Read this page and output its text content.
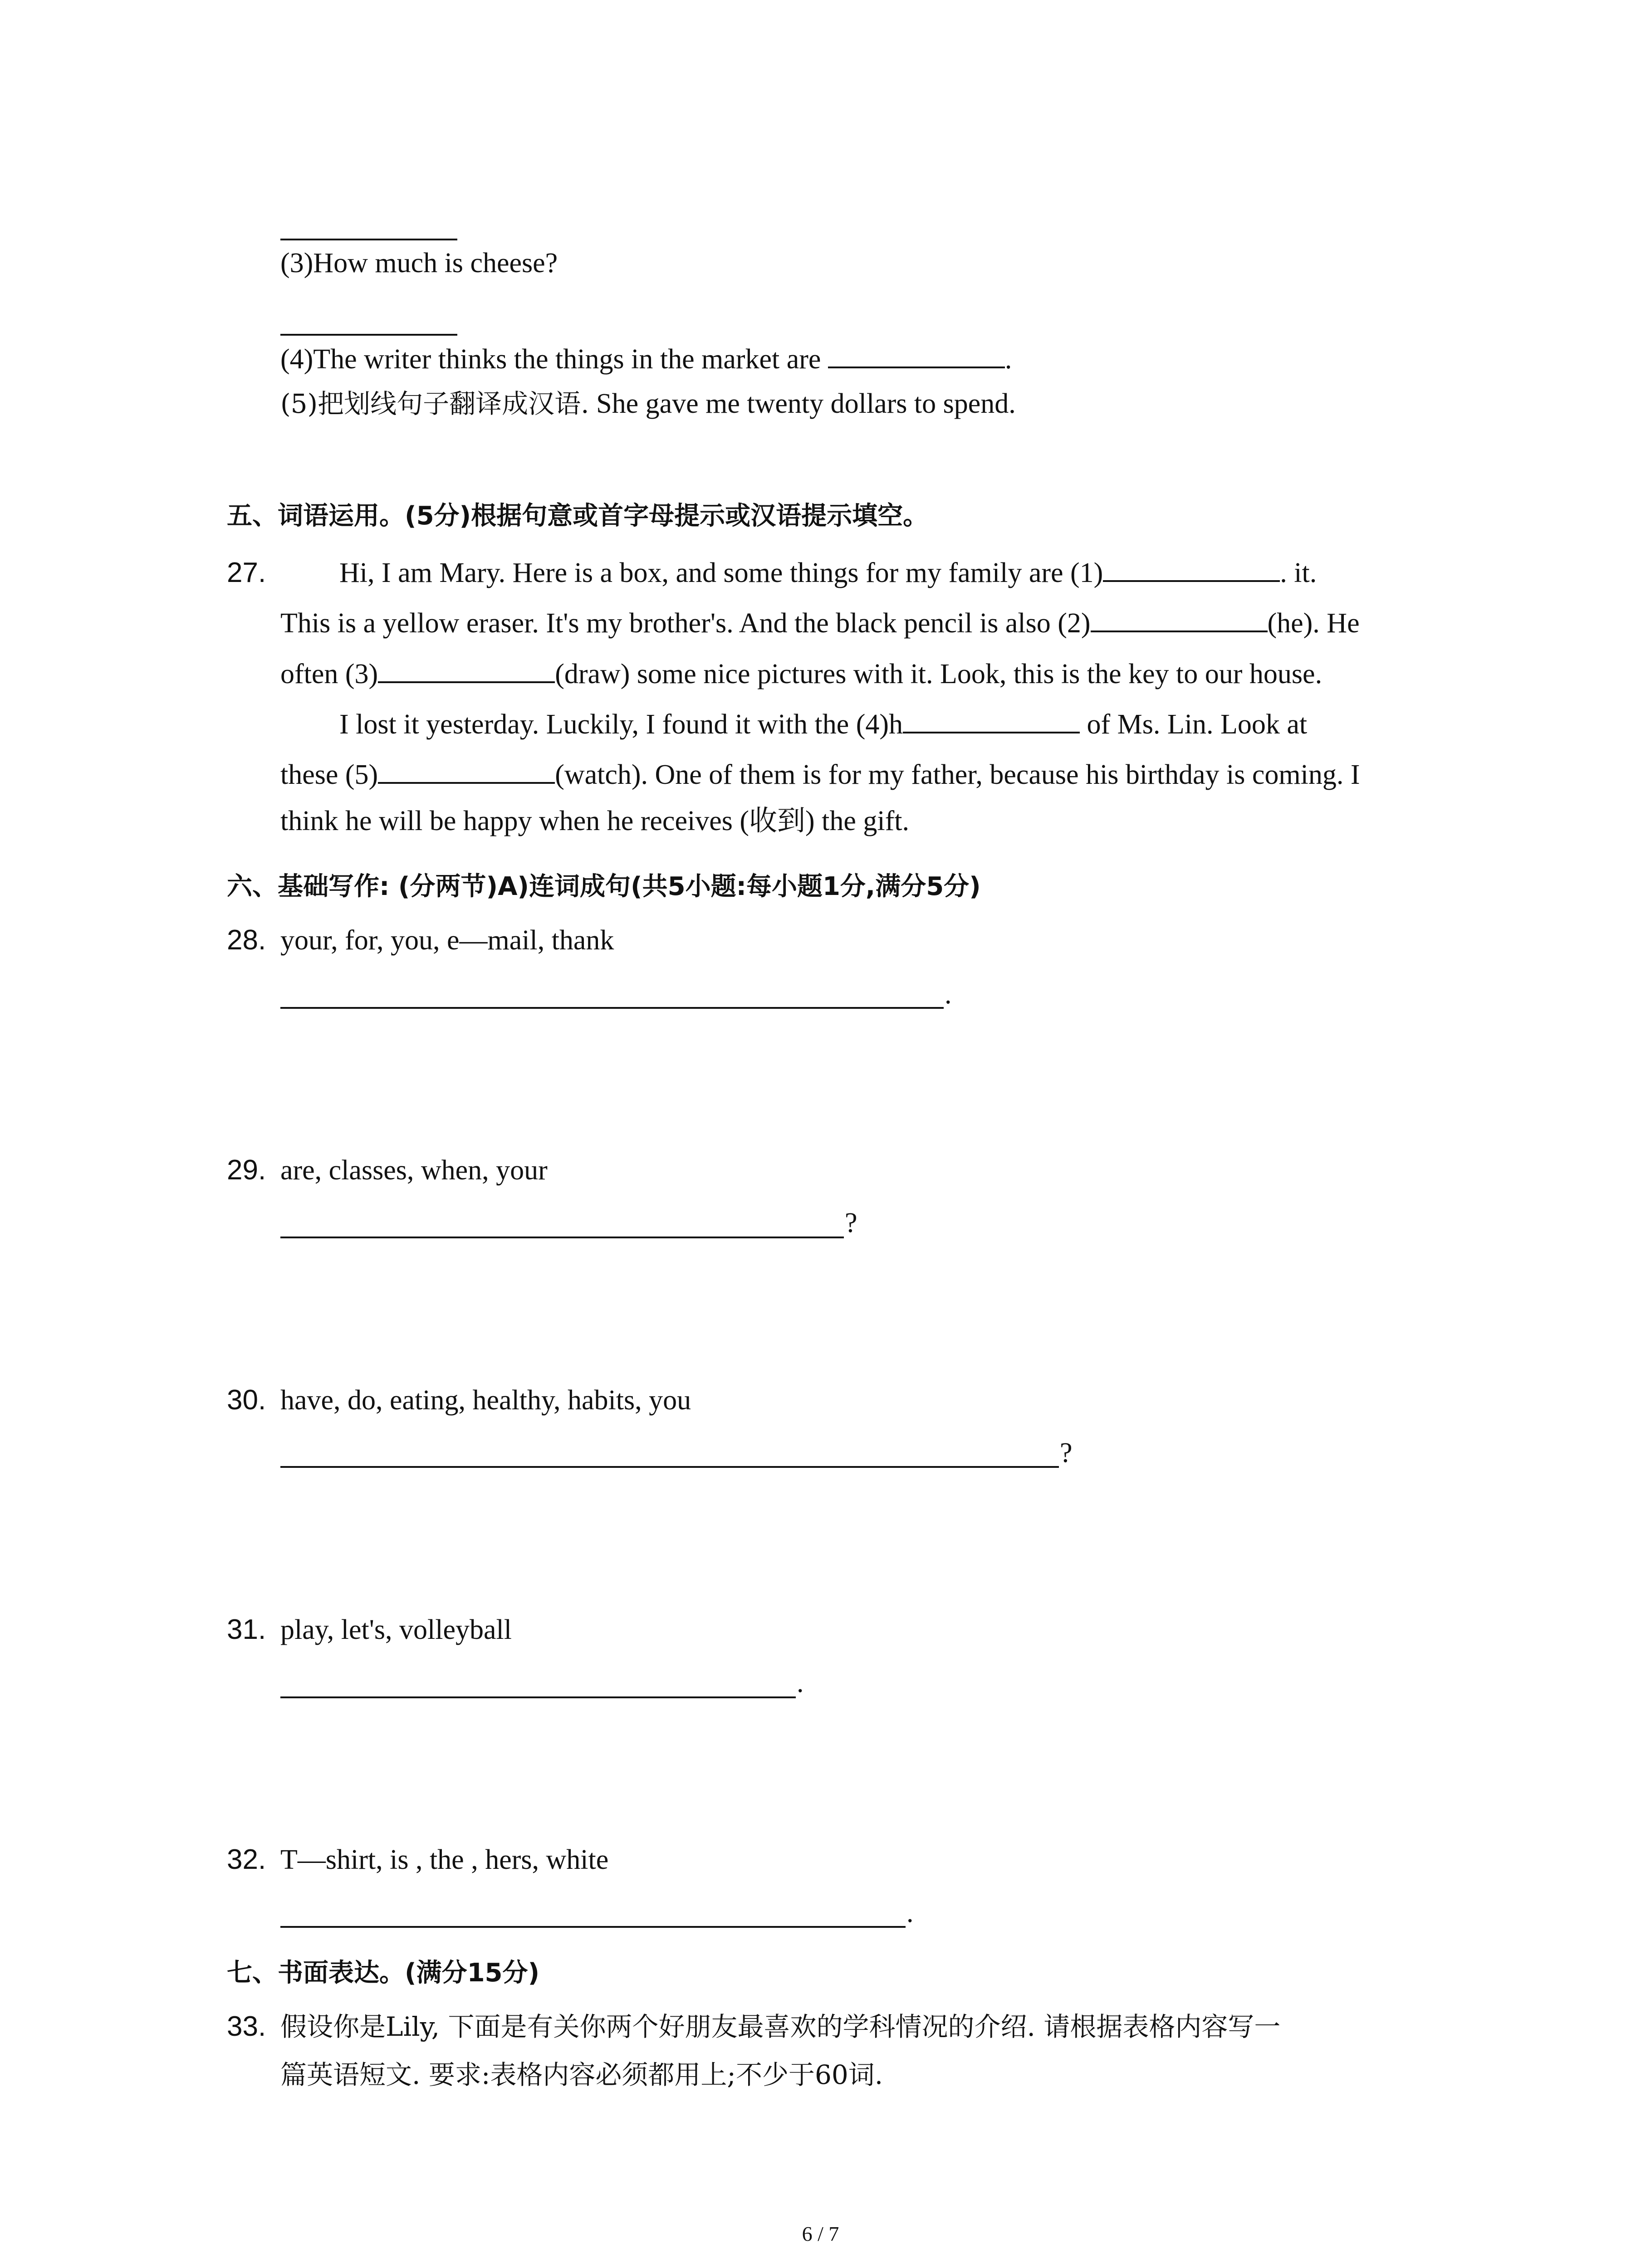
(3)How much is cheese?
(4)The writer thinks the things in the market are	.
(5)把划线句子翻译成汉语. She gave me twenty dollars to spend.
五、词语运用。(5分)根据句意或首字母提示或汉语提示填空。
27.	Hi, I am Mary. Here is a box, and some things for my family are (1)	. it.
This is a yellow eraser. It's my brother's. And the black pencil is also (2)	(he). He
often (3)	(draw) some nice pictures with it. Look, this is the key to our house.
I lost it yesterday. Luckily, I found it with the (4)h	of Ms. Lin. Look at
these (5)	(watch). One of them is for my father, because his birthday is coming. I
think he will be happy when he receives (收到) the gift.
六、基础写作: (分两节)A)连词成句(共5小题:每小题1分,满分5分)
28. your, for, you, e—mail, thank
.
29. are, classes, when, your
?
30. have, do, eating, healthy, habits, you
?
31. play, let's, volleyball
.
32. T—shirt, is , the , hers, white
.
七、书面表达。(满分15分)
33. 假设你是Lily, 下面是有关你两个好朋友最喜欢的学科情况的介绍. 请根据表格内容写一
篇英语短文. 要求:表格内容必须都用上;不少于60词.
6 / 7
